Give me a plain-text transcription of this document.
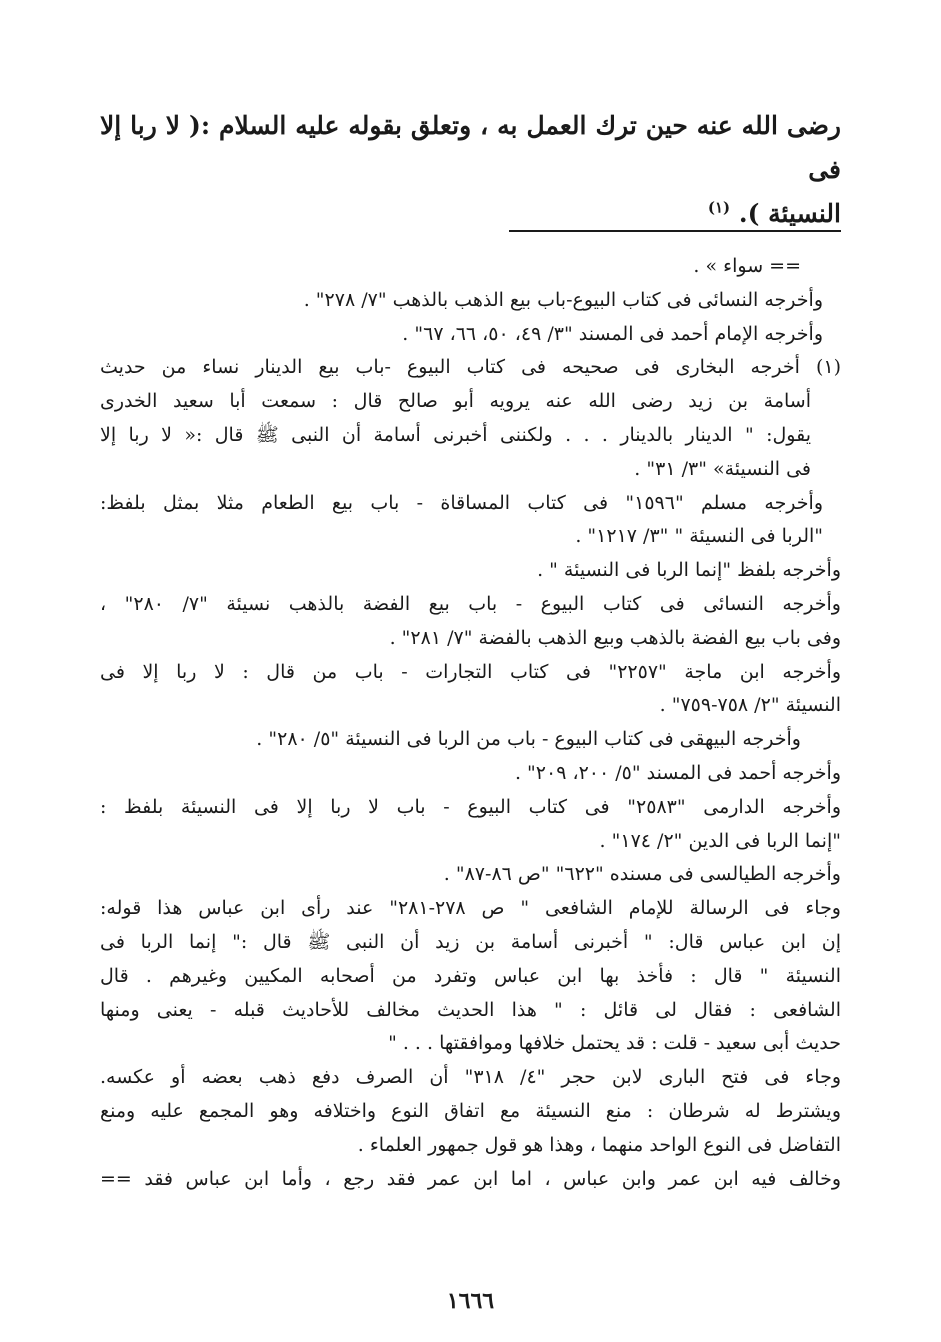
رضى الله عنه حين ترك العمل به ، وتعلق بقوله عليه السلام :( لا ربا إلا فى
النسيئة ). $^{(١)}$
== سواء » .
وأخرجه النسائى فى كتاب البيوع-باب بيع الذهب بالذهب "٧/ ٢٧٨" .
وأخرجه الإمام أحمد فى المسند "٣/ ٤٩، ٥٠، ٦٦، ٦٧" .
(١) أخرجه البخارى فى صحيحه فى كتاب البيوع -باب بيع الدينار نساء من حديث
أسامة بن زيد رضى الله عنه يرويه أبو صالح قال : سمعت أبا سعيد الخدرى
يقول: " الدينار بالدينار . . . ولكننى أخبرنى أسامة أن النبى ﷺ قال :« لا ربا إلا
فى النسيئة» "٣/ ٣١" .
وأخرجه مسلم "١٥٩٦" فى كتاب المساقاة - باب بيع الطعام مثلا بمثل بلفظ:
"الربا فى النسيئة " "٣/ ١٢١٧" .
وأخرجه بلفظ "إنما الربا فى النسيئة " .
وأخرجه النسائى فى كتاب البيوع - باب بيع الفضة بالذهب نسيئة "٧/ ٢٨٠" ،
وفى باب بيع الفضة بالذهب وبيع الذهب بالفضة "٧/ ٢٨١" .
وأخرجه ابن ماجة "٢٢٥٧" فى كتاب التجارات - باب من قال : لا ربا إلا فى
النسيئة "٢/ ٧٥٨-٧٥٩" .
وأخرجه البيهقى فى كتاب البيوع - باب من الربا فى النسيئة "٥/ ٢٨٠" .
وأخرجه أحمد فى المسند "٥/ ٢٠٠، ٢٠٩" .
وأخرجه الدارمى "٢٥٨٣" فى كتاب البيوع - باب لا ربا إلا فى النسيئة بلفظ :
"إنما الربا فى الدين "٢/ ١٧٤" .
وأخرجه الطيالسى فى مسنده "٦٢٢" "ص ٨٦-٨٧" .
وجاء فى الرسالة للإمام الشافعى " ص ٢٧٨-٢٨١" عند رأى ابن عباس هذا قوله:
إن ابن عباس قال: " أخبرنى أسامة بن زيد أن النبى ﷺ قال :" إنما الربا فى
النسيئة " قال : فأخذ بها ابن عباس وتفرد من أصحابه المكيين وغيرهم . قال
الشافعى : فقال لى قائل : " هذا الحديث مخالف للأحاديث قبله - يعنى ومنها
حديث أبى سعيد - قلت : قد يحتمل خلافها وموافقتها . . . "
وجاء فى فتح البارى لابن حجر "٤/ ٣١٨" أن الصرف دفع ذهب بعضه أو عكسه.
ويشترط له شرطان : منع النسيئة مع اتفاق النوع واختلافه وهو المجمع عليه ومنع
التفاضل فى النوع الواحد منهما ، وهذا هو قول جمهور العلماء .
وخالف فيه ابن عمر وابن عباس ، اما ابن عمر فقد رجع ، وأما ابن عباس فقد ==
١٦٦٦
